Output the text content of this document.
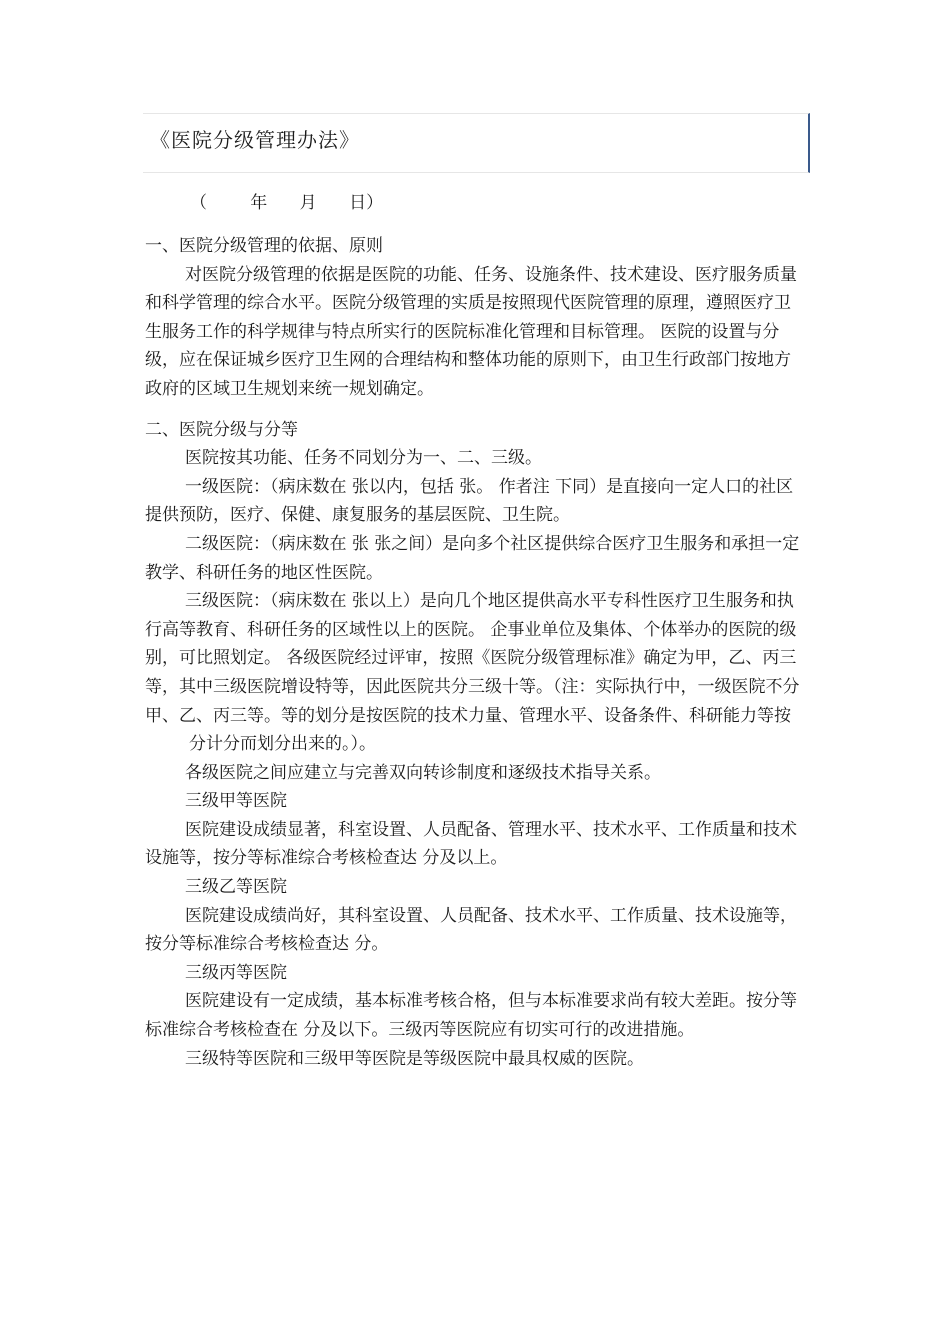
《医院分级管理办法》
（        年      月      日）

一、医院分级管理的依据、原则

对医院分级管理的依据是医院的功能、任务、设施条件、技术建设、医疗服务质量和科学管理的综合水平。医院分级管理的实质是按照现代医院管理的原理，遵照医疗卫生服务工作的科学规律与特点所实行的医院标准化管理和目标管理。 医院的设置与分级，应在保证城乡医疗卫生网的合理结构和整体功能的原则下，由卫生行政部门按地方政府的区域卫生规划来统一规划确定。

二、医院分级与分等

医院按其功能、任务不同划分为一、二、三级。

一级医院：（病床数在 张以内，包括 张。 作者注 下同）是直接向一定人口的社区提供预防，医疗、保健、康复服务的基层医院、卫生院。

二级医院：（病床数在 张 张之间）是向多个社区提供综合医疗卫生服务和承担一定教学、科研任务的地区性医院。

三级医院：（病床数在 张以上）是向几个地区提供高水平专科性医疗卫生服务和执行高等教育、科研任务的区域性以上的医院。 企事业单位及集体、个体举办的医院的级别，可比照划定。 各级医院经过评审，按照《医院分级管理标准》确定为甲，乙、丙三等，其中三级医院增设特等，因此医院共分三级十等。（注：实际执行中，一级医院不分甲、乙、丙三等。等的划分是按医院的技术力量、管理水平、设备条件、科研能力等按

分计分而划分出来的。）。

各级医院之间应建立与完善双向转诊制度和逐级技术指导关系。

三级甲等医院

医院建设成绩显著，科室设置、人员配备、管理水平、技术水平、工作质量和技术设施等，按分等标准综合考核检查达 分及以上。

三级乙等医院

医院建设成绩尚好，其科室设置、人员配备、技术水平、工作质量、技术设施等，按分等标准综合考核检查达 分。

三级丙等医院

医院建设有一定成绩，基本标准考核合格，但与本标准要求尚有较大差距。按分等标准综合考核检查在 分及以下。三级丙等医院应有切实可行的改进措施。

三级特等医院和三级甲等医院是等级医院中最具权威的医院。
